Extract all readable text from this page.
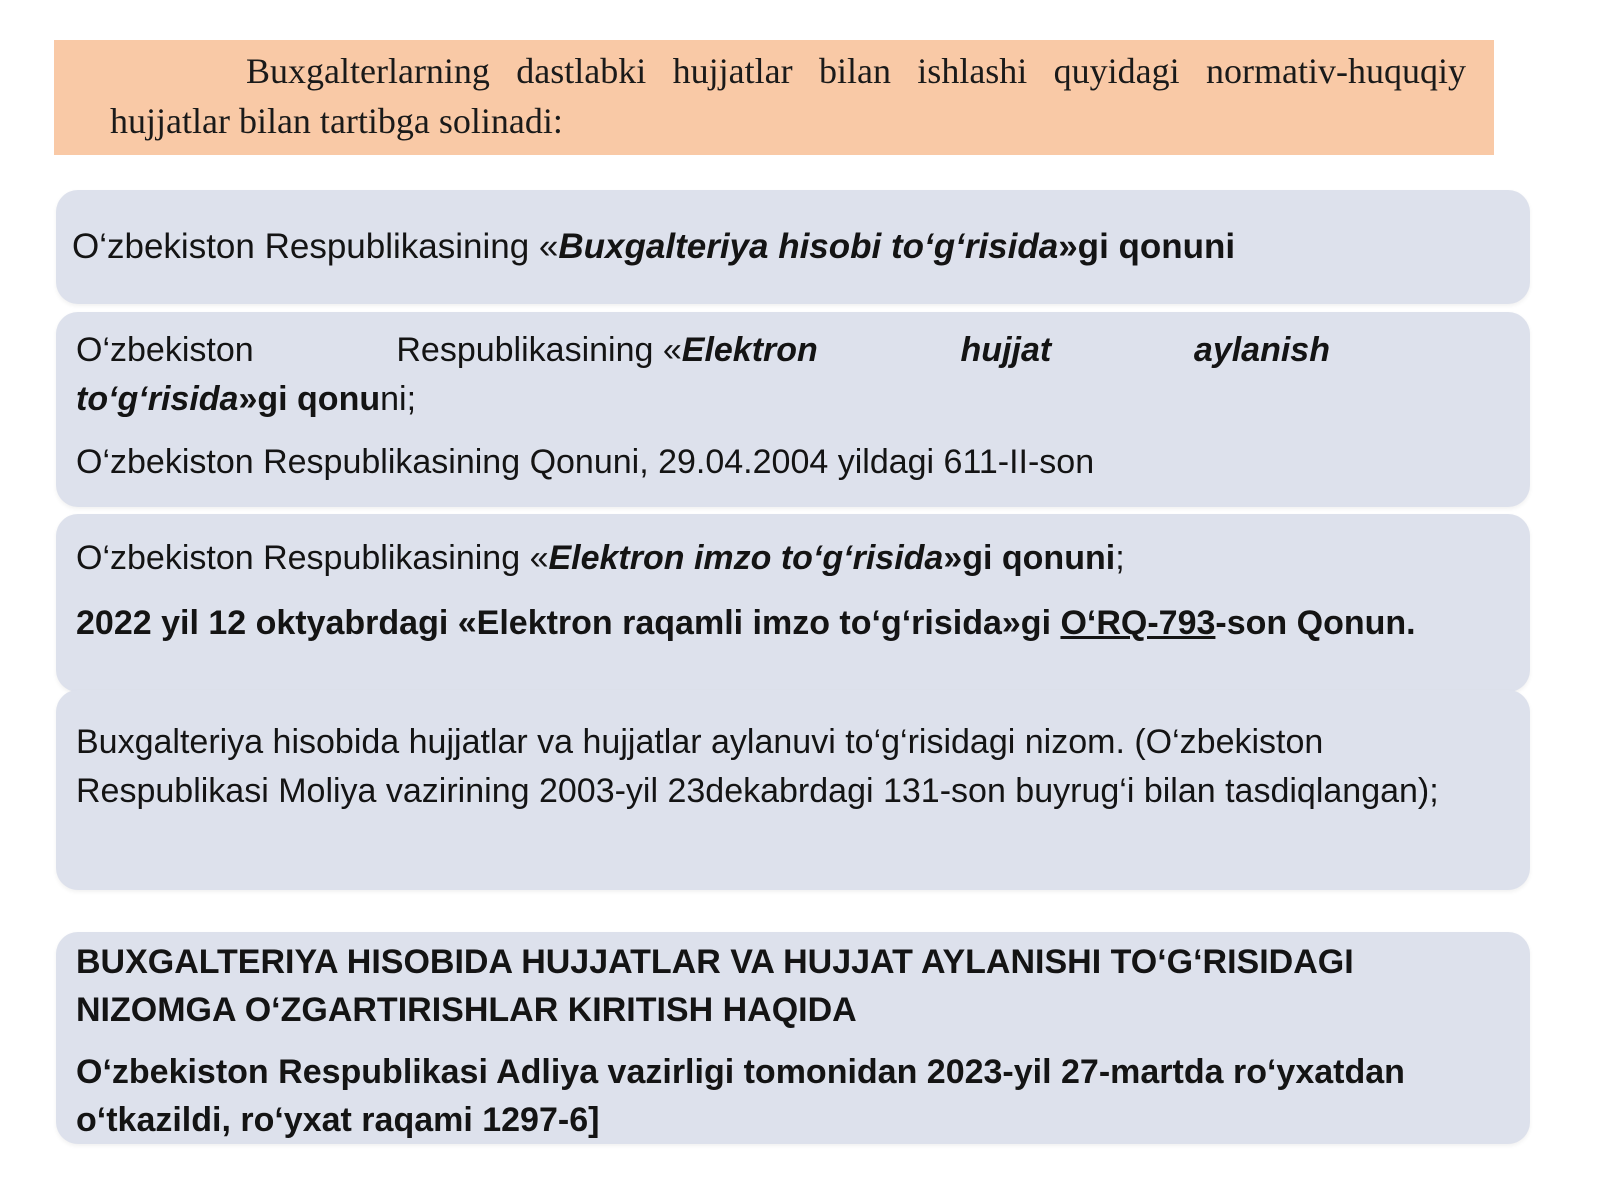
Buxgalterlarning dastlabki hujjatlar bilan ishlashi quyidagi normativ-huquqiy hujjatlar bilan tartibga solinadi:

O‘zbekiston Respublikasining «Buxgalteriya hisobi to‘g‘risida»gi qonuni

O‘zbekiston	Respublikasining «Elektron	hujjat	aylanish

to‘g‘risida»gi qonuni;

O‘zbekiston Respublikasining Qonuni, 29.04.2004 yildagi 611-II-son

O‘zbekiston Respublikasining «Elektron imzo to‘g‘risida»gi qonuni;

2022 yil 12 oktyabrdagi «Elektron raqamli imzo to‘g‘risida»gi O‘RQ-793-son Qonun.

Buxgalteriya hisobida hujjatlar va hujjatlar aylanuvi to‘g‘risidagi nizom. (O‘zbekiston Respublikasi Moliya vazirining 2003-yil 23dekabrdagi 131-son buyrug‘i bilan tasdiqlangan);

BUXGALTERIYA HISOBIDA HUJJATLAR VA HUJJAT AYLANISHI TO‘G‘RISIDAGI NIZOMGA O‘ZGARTIRISHLAR KIRITISH HAQIDA

O‘zbekiston Respublikasi Adliya vazirligi tomonidan 2023-yil 27-martda ro‘yxatdan o‘tkazildi, ro‘yxat raqami 1297-6]
